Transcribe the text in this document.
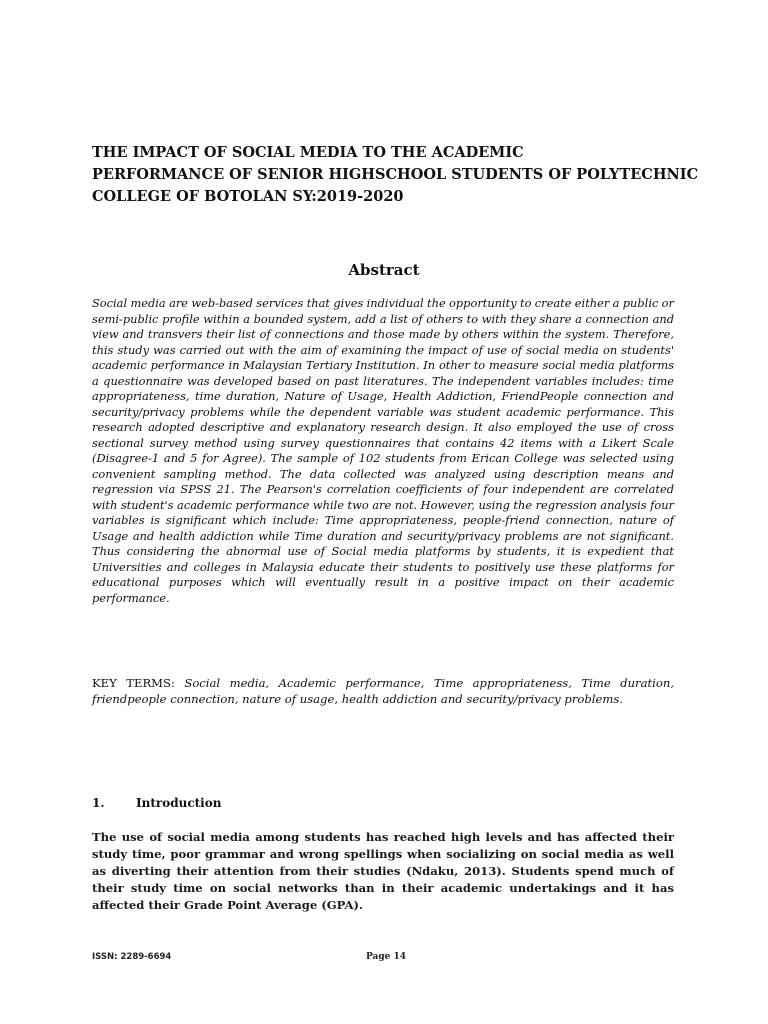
THE IMPACT OF SOCIAL MEDIA TO THE ACADEMIC
PERFORMANCE OF SENIOR HIGHSCHOOL STUDENTS OF POLYTECHNIC
COLLEGE OF BOTOLAN SY:2019-2020
Abstract

Social media are web-based services that gives individual the opportunity to create either a public or semi-public profile within a bounded system, add a list of others to with they share a connection and view and transvers their list of connections and those made by others within the system. Therefore, this study was carried out with the aim of examining the impact of use of social media on students' academic performance in Malaysian Tertiary Institution. In other to measure social media platforms a questionnaire was developed based on past literatures. The independent variables includes: time appropriateness, time duration, Nature of Usage, Health Addiction, FriendPeople connection and security/privacy problems while the dependent variable was student academic performance. This research adopted descriptive and explanatory research design. It also employed the use of cross sectional survey method using survey questionnaires that contains 42 items with a Likert Scale (Disagree-1 and 5 for Agree). The sample of 102 students from Erican College was selected using convenient sampling method. The data collected was analyzed using description means and regression via SPSS 21. The Pearson's correlation coefficients of four independent are correlated with student's academic performance while two are not. However, using the regression analysis four variables is significant which include: Time appropriateness, people-friend connection, nature of Usage and health addiction while Time duration and security/privacy problems are not significant. Thus considering the abnormal use of Social media platforms by students, it is expedient that Universities and colleges in Malaysia educate their students to positively use these platforms for educational purposes which will eventually result in a positive impact on their academic performance.

KEY TERMS: Social media, Academic performance, Time appropriateness, Time duration, friendpeople connection, nature of usage, health addiction and security/privacy problems.

1.	Introduction

The use of social media among students has reached high levels and has affected their study time, poor grammar and wrong spellings when socializing on social media as well as diverting their attention from their studies (Ndaku, 2013). Students spend much of their study time on social networks than in their academic undertakings and it has affected their Grade Point Average (GPA).

ISSN: 2289-6694	Page 14
